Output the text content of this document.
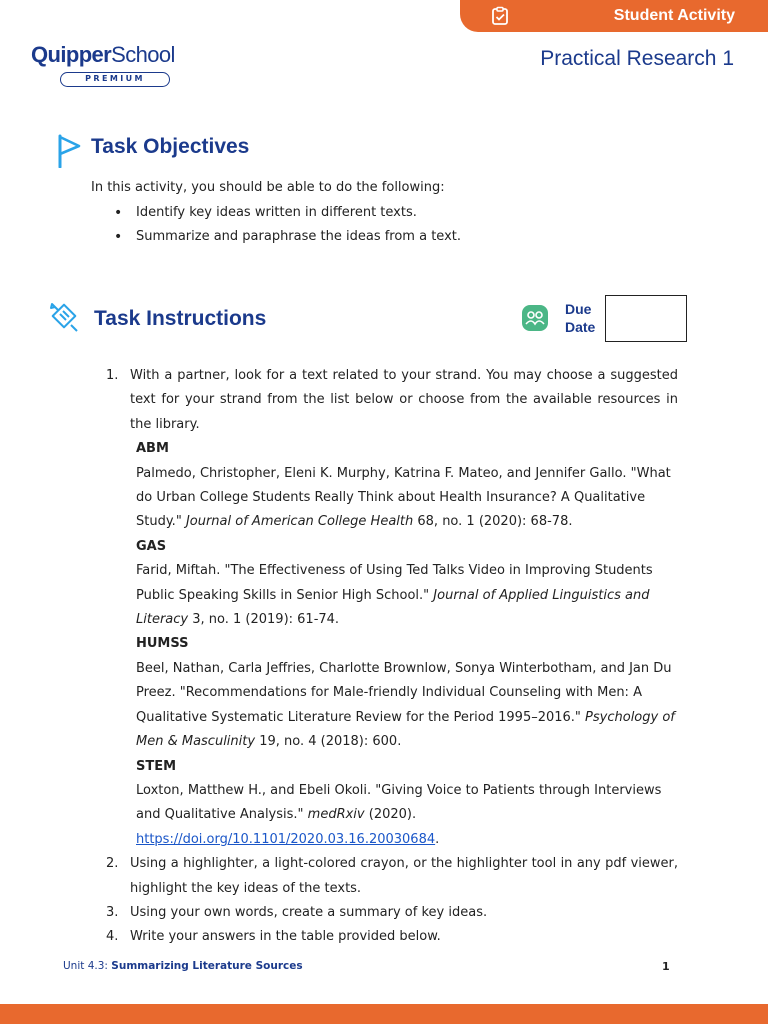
Student Activity
QuipperSchool
PREMIUM
Practical Research 1
Task Objectives
In this activity, you should be able to do the following:
• Identify key ideas written in different texts.
• Summarize and paraphrase the ideas from a text.
Task Instructions	Due
Date
1. With a partner, look for a text related to your strand. You may choose a suggested text for your strand from the list below or choose from the available resources in the library.
ABM
Palmedo, Christopher, Eleni K. Murphy, Katrina F. Mateo, and Jennifer Gallo. "What do Urban College Students Really Think about Health Insurance? A Qualitative Study." Journal of American College Health 68, no. 1 (2020): 68-78.
GAS
Farid, Miftah. "The Effectiveness of Using Ted Talks Video in Improving Students Public Speaking Skills in Senior High School." Journal of Applied Linguistics and Literacy 3, no. 1 (2019): 61-74.
HUMSS
Beel, Nathan, Carla Jeffries, Charlotte Brownlow, Sonya Winterbotham, and Jan Du Preez. "Recommendations for Male-friendly Individual Counseling with Men: A Qualitative Systematic Literature Review for the Period 1995–2016." Psychology of Men & Masculinity 19, no. 4 (2018): 600.
STEM
Loxton, Matthew H., and Ebeli Okoli. "Giving Voice to Patients through Interviews and Qualitative Analysis." medRxiv (2020). https://doi.org/10.1101/2020.03.16.20030684.
2. Using a highlighter, a light-colored crayon, or the highlighter tool in any pdf viewer, highlight the key ideas of the texts.
3. Using your own words, create a summary of key ideas.
4. Write your answers in the table provided below.
Unit 4.3: Summarizing Literature Sources	1
